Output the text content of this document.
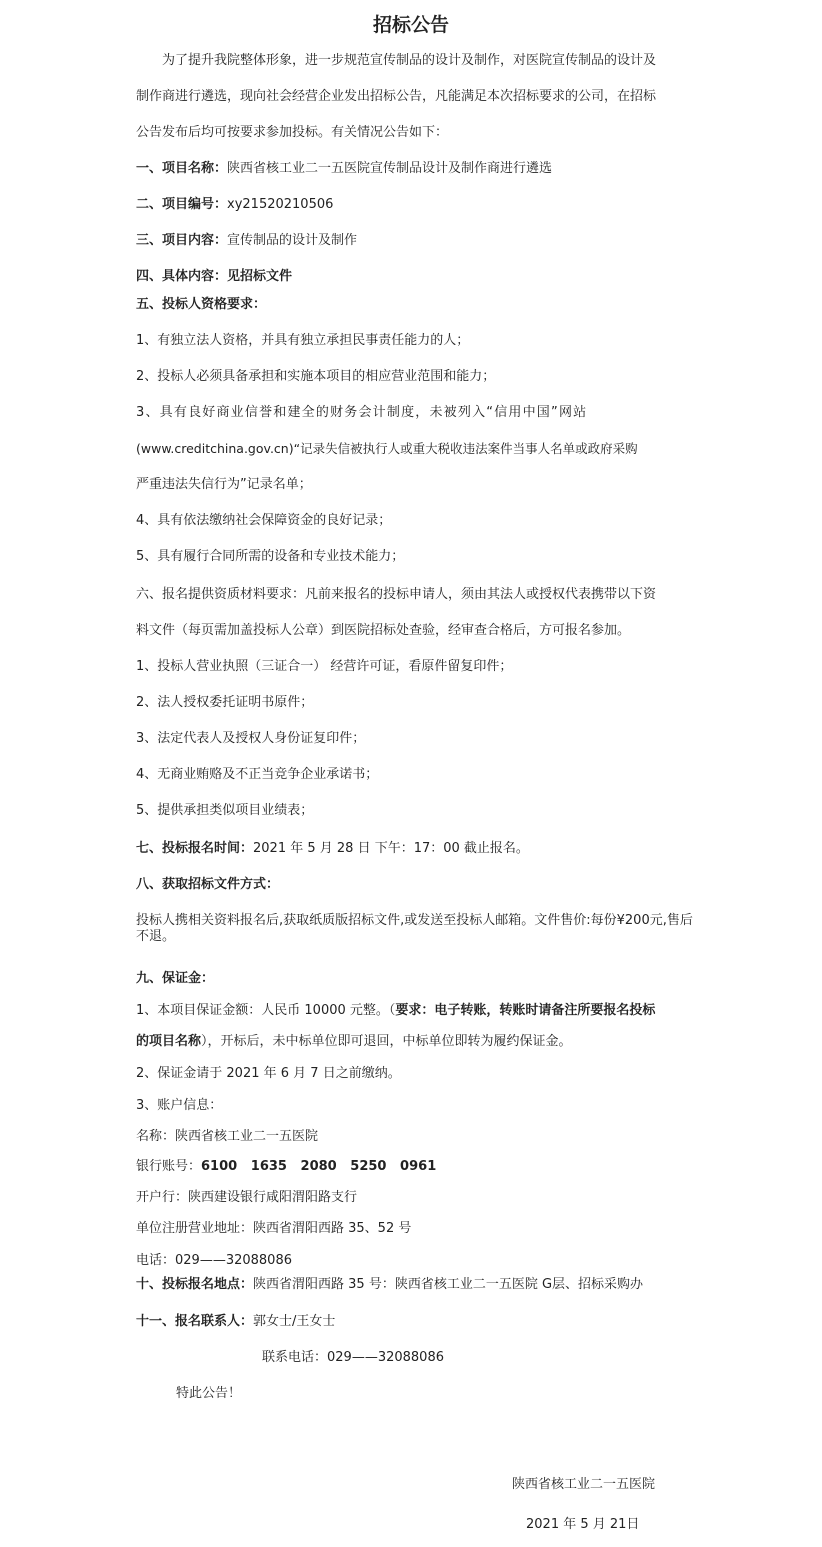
招标公告
为了提升我院整体形象，进一步规范宣传制品的设计及制作，对医院宣传制品的设计及
制作商进行遴选，现向社会经营企业发出招标公告，凡能满足本次招标要求的公司，在招标
公告发布后均可按要求参加投标。有关情况公告如下：
一、项目名称：陕西省核工业二一五医院宣传制品设计及制作商进行遴选
二、项目编号：xy21520210506
三、项目内容：宣传制品的设计及制作
四、具体内容：见招标文件
五、投标人资格要求：
1、有独立法人资格，并具有独立承担民事责任能力的人；
2、投标人必须具备承担和实施本项目的相应营业范围和能力；
3、具有良好商业信誉和建全的财务会计制度，未被列入“信用中国”网站
(www.creditchina.gov.cn)“记录失信被执行人或重大税收违法案件当事人名单或政府采购
严重违法失信行为”记录名单；
4、具有依法缴纳社会保障资金的良好记录；
5、具有履行合同所需的设备和专业技术能力；
六、报名提供资质材料要求：凡前来报名的投标申请人，须由其法人或授权代表携带以下资
料文件（每页需加盖投标人公章）到医院招标处查验，经审查合格后，方可报名参加。
1、投标人营业执照（三证合一） 经营许可证，看原件留复印件；
2、法人授权委托证明书原件；
3、法定代表人及授权人身份证复印件；
4、无商业贿赂及不正当竞争企业承诺书；
5、提供承担类似项目业绩表；
七、投标报名时间：2021 年 5 月 28 日 下午：17：00 截止报名。
八、获取招标文件方式：
投标人携相关资料报名后,获取纸质版招标文件,或发送至投标人邮箱。文件售价:每份¥200元,售后不退。
九、保证金：
1、本项目保证金额：人民币 10000 元整。（要求：电子转账，转账时请备注所要报名投标
的项目名称），开标后，未中标单位即可退回，中标单位即转为履约保证金。
2、保证金请于 2021 年 6 月 7 日之前缴纳。
3、账户信息：
名称：陕西省核工业二一五医院
银行账号：6100   1635   2080   5250   0961
开户行：陕西建设银行咸阳渭阳路支行
单位注册营业地址：陕西省渭阳西路 35、52 号
电话：029——32088086
十、投标报名地点：陕西省渭阳西路 35 号：陕西省核工业二一五医院 G层、招标采购办
十一、报名联系人：郭女士/王女士
联系电话：029——32088086
特此公告！
陕西省核工业二一五医院
2021 年 5 月 21日
